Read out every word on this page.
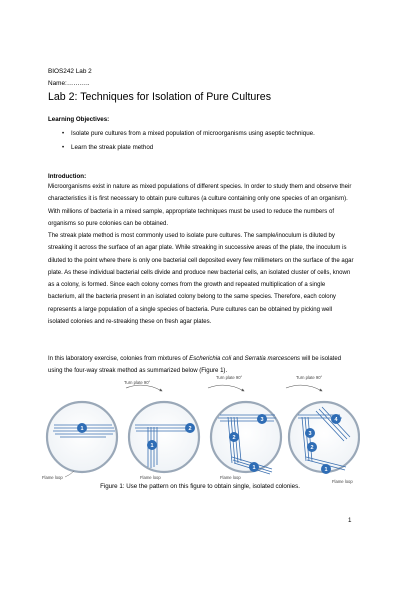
BIOS242 Lab 2
Name:………..
Lab 2: Techniques for Isolation of Pure Cultures
Learning Objectives:
• Isolate pure cultures from a mixed population of microorganisms using aseptic technique.
• Learn the streak plate method
Introduction:

Microorganisms exist in nature as mixed populations of different species. In order to study them and observe their characteristics it is first necessary to obtain pure cultures (a culture containing only one species of an organism). With millions of bacteria in a mixed sample, appropriate techniques must be used to reduce the numbers of organisms so pure colonies can be obtained.

The streak plate method is most commonly used to isolate pure cultures. The sample/inoculum is diluted by streaking it across the surface of an agar plate. While streaking in successive areas of the plate, the inoculum is diluted to the point where there is only one bacterial cell deposited every few millimeters on the surface of the agar plate. As these individual bacterial cells divide and produce new bacterial cells, an isolated cluster of cells, known as a colony, is formed. Since each colony comes from the growth and repeated multiplication of a single bacterium, all the bacteria present in an isolated colony belong to the same species. Therefore, each colony represents a large population of a single species of bacteria. Pure cultures can be obtained by picking well isolated colonies and re-streaking these on fresh agar plates.

In this laboratory exercise, colonies from mixtures of Escherichia coli and Serratia marcescens will be isolated using the four-way streak method as summarized below (Figure 1).

1
Flame loop
2
1
Flame loop
Turn plate 90°
3
2
1
Flame loop
Turn plate 90°
4
3
2
1
Flame loop
Turn plate 90°
Figure 1: Use the pattern on this figure to obtain single, isolated colonies.
1
